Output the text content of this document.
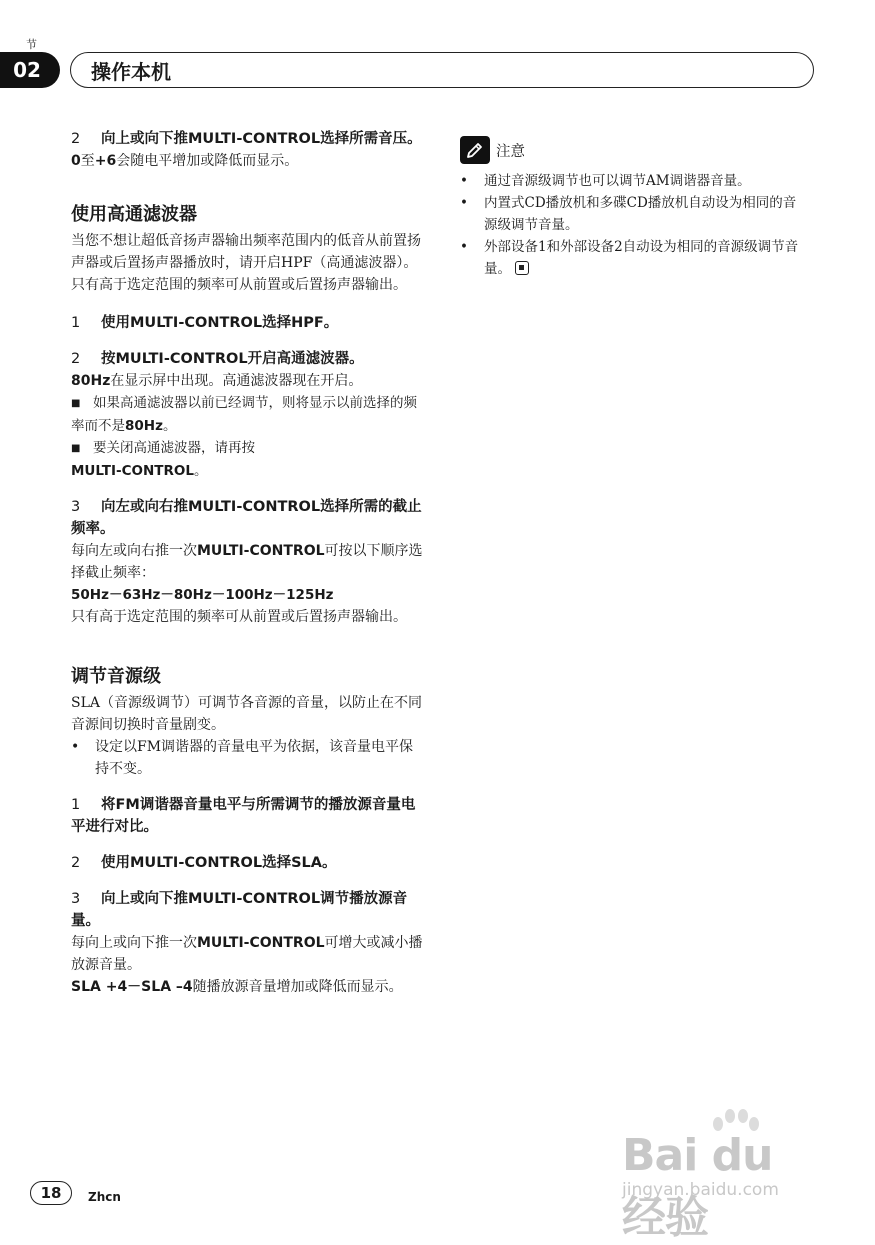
节
02	操作本机

2 向上或向下推MULTI-CONTROL选择所需音压。

0至+6会随电平增加或降低而显示。

使用高通滤波器

当您不想让超低音扬声器输出频率范围内的低音从前置扬声器或后置扬声器播放时，请开启HPF（高通滤波器）。 只有高于选定范围的频率可从前置或后置扬声器输出。

1 使用MULTI-CONTROL选择HPF。

2 按MULTI-CONTROL开启高通滤波器。

80Hz在显示屏中出现。高通滤波器现在开启。

■ 如果高通滤波器以前已经调节，则将显示以前选择的频率而不是80Hz。

■ 要关闭高通滤波器，请再按
MULTI-CONTROL。

3 向左或向右推MULTI-CONTROL选择所需的截止频率。

每向左或向右推一次MULTI-CONTROL可按以下顺序选择截止频率：

50Hz－63Hz－80Hz－100Hz－125Hz

只有高于选定范围的频率可从前置或后置扬声器输出。

调节音源级

SLA（音源级调节）可调节各音源的音量，以防止在不同音源间切换时音量剧变。

•	设定以FM调谐器的音量电平为依据，该音量电平保持不变。

1 将FM调谐器音量电平与所需调节的播放源音量电平进行对比。

2 使用MULTI-CONTROL选择SLA。

3 向上或向下推MULTI-CONTROL调节播放源音量。

每向上或向下推一次MULTI-CONTROL可增大或减小播放源音量。

SLA +4－SLA –4随播放源音量增加或降低而显示。

注意
•	通过音源级调节也可以调节AM调谐器音量。
•	内置式CD播放机和多碟CD播放机自动设为相同的音源级调节音量。
•	外部设备1和外部设备2自动设为相同的音源级调节音量。
18	Zhcn
Bai du 经验
jingyan.baidu.com
